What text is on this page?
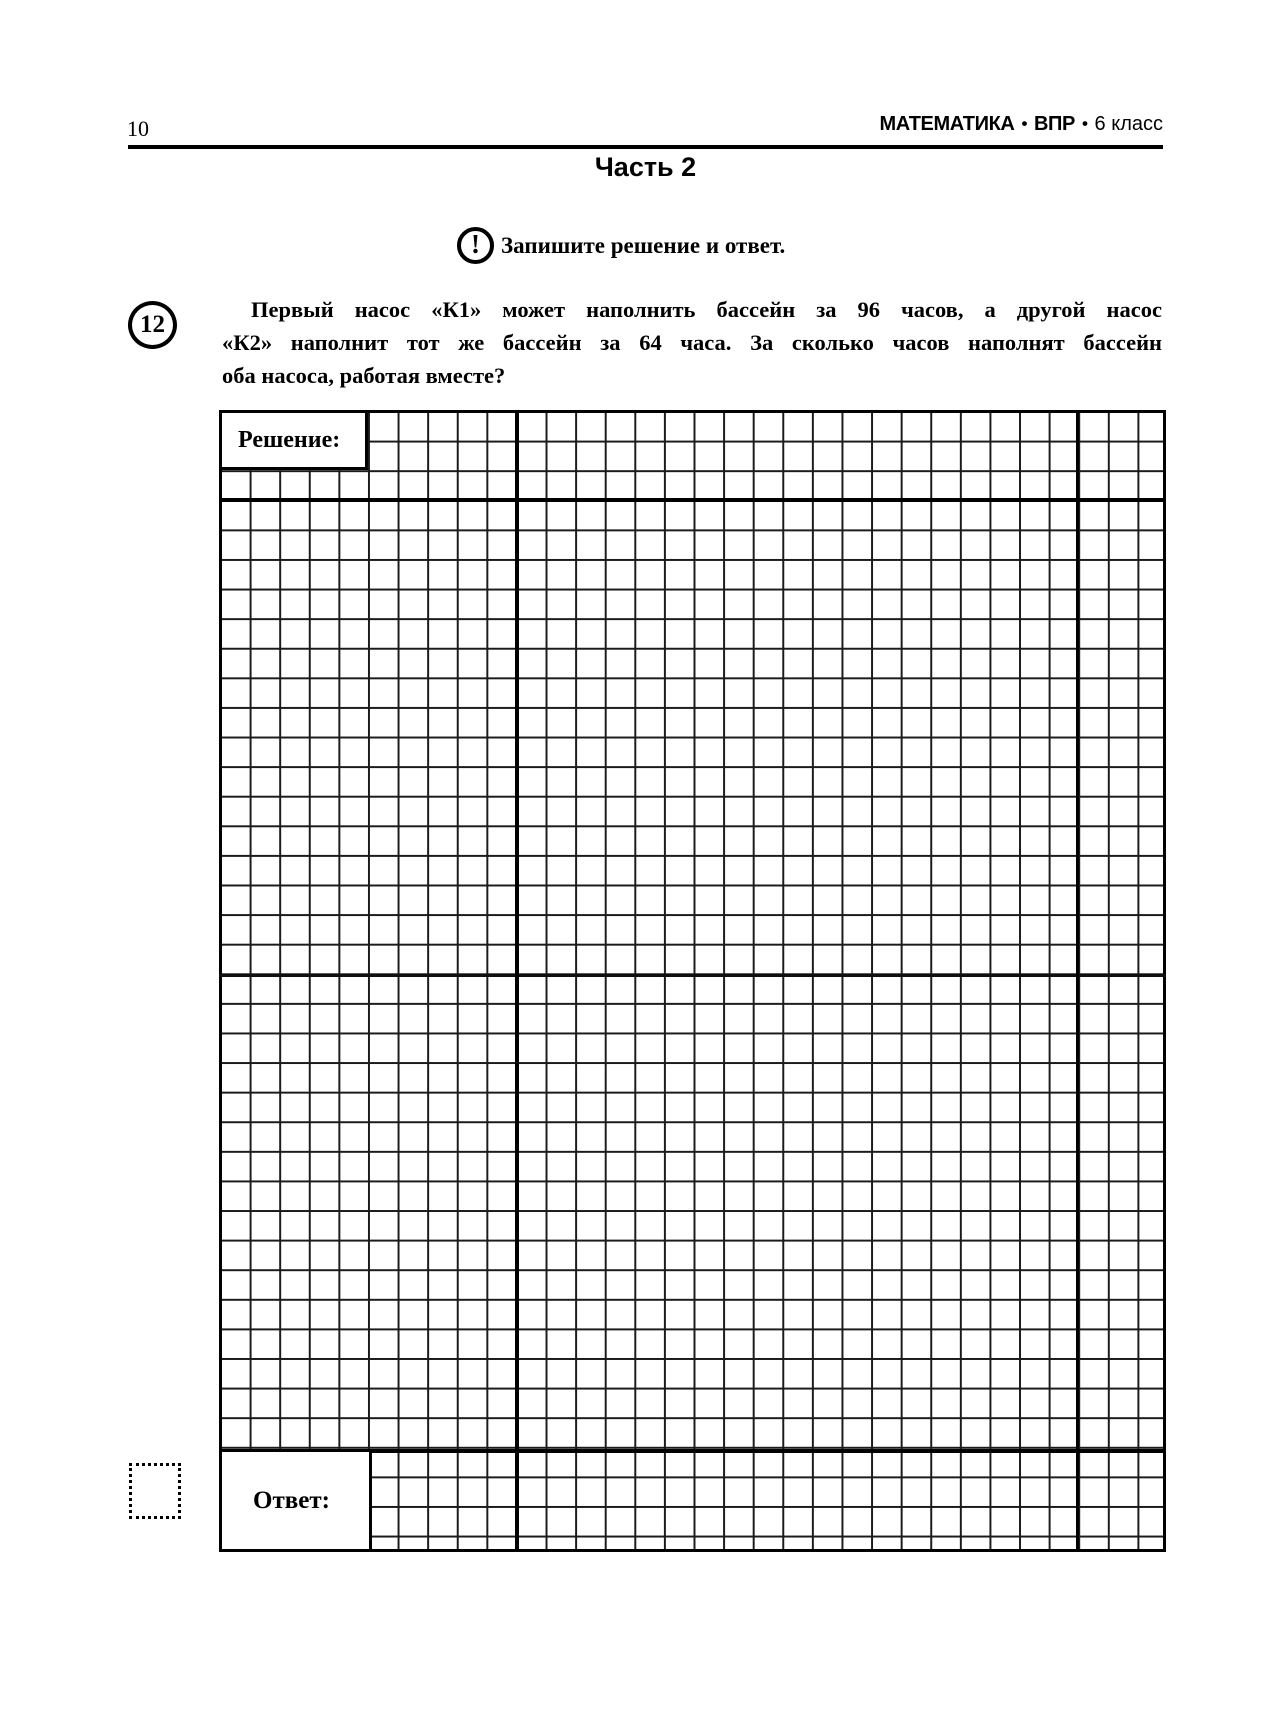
10	МАТЕМАТИКА • ВПР • 6 класс
Часть 2
! Запишите решение и ответ.
12
Первый насос «К1» может наполнить бассейн за 96 часов, а другой насос
«К2» наполнит тот же бассейн за 64 часа. За сколько часов наполнят бассейн
оба насоса, работая вместе?
Решение:
Ответ:
